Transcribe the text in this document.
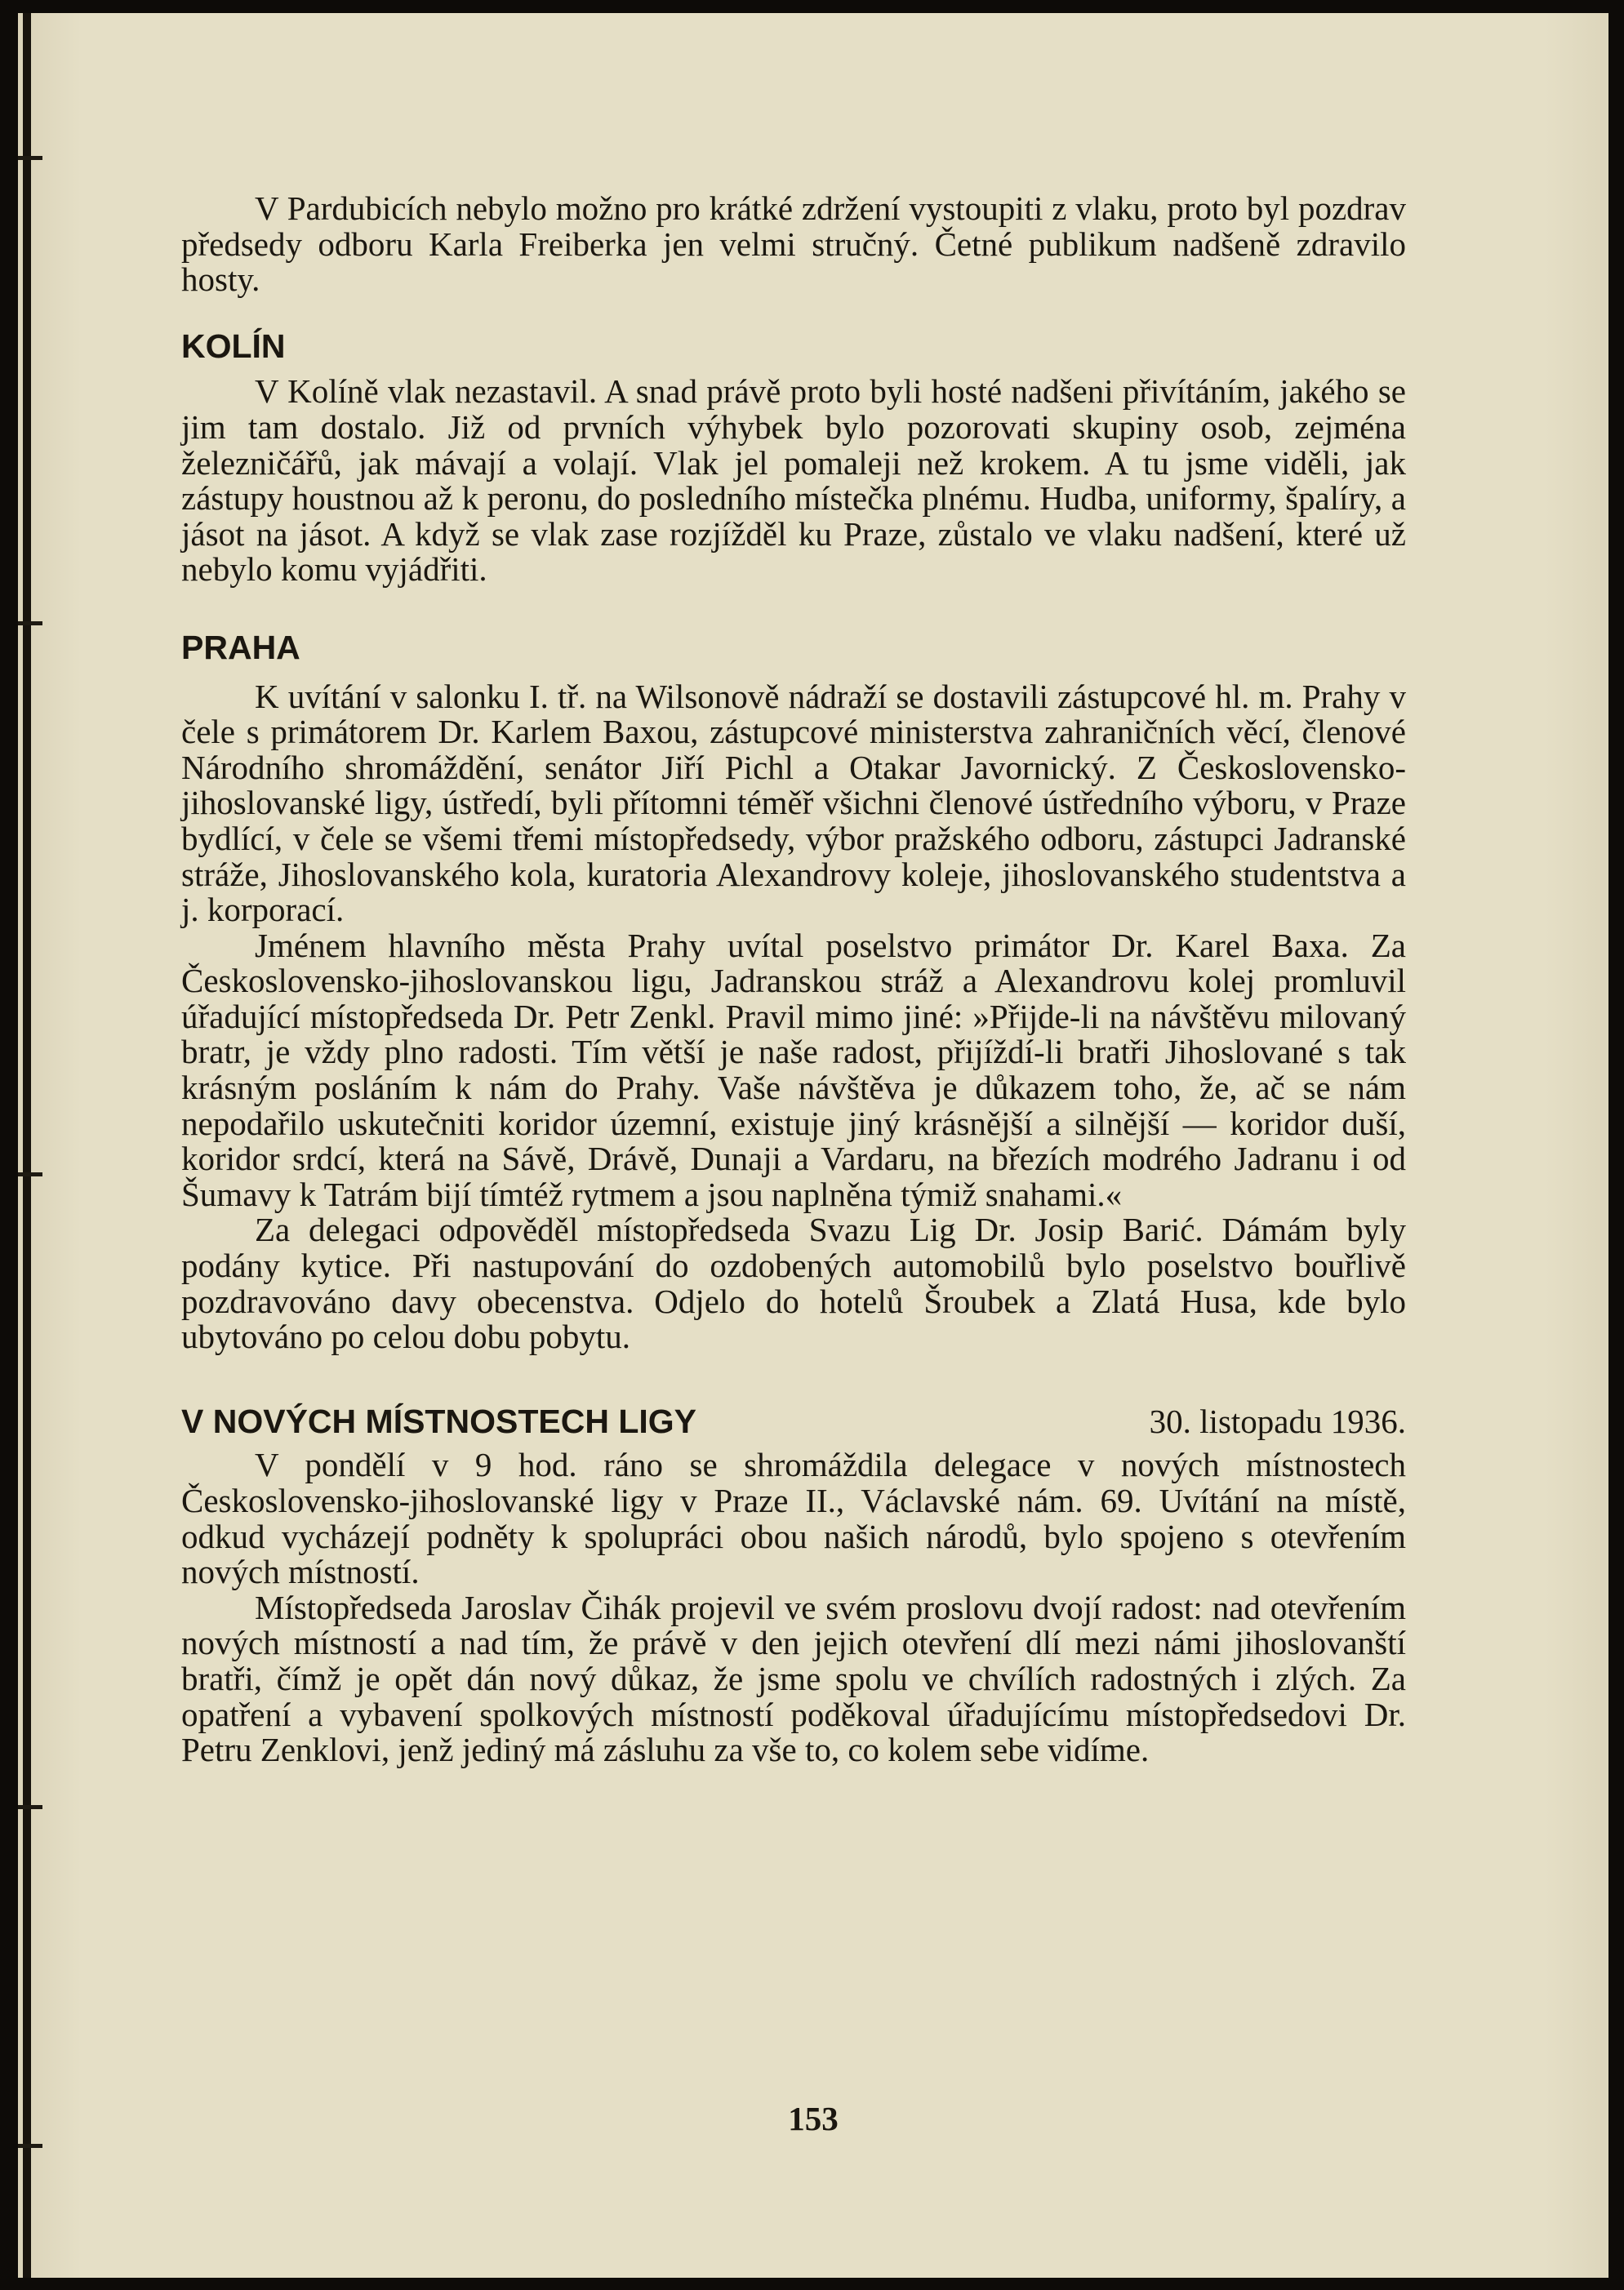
V Pardubicích nebylo možno pro krátké zdržení vystoupiti z vlaku, proto byl pozdrav předsedy odboru Karla Freiberka jen velmi stručný. Četné publikum nadšeně zdravilo hosty.

KOLÍN

V Kolíně vlak nezastavil. A snad právě proto byli hosté nadšeni přivítáním, jakého se jim tam dostalo. Již od prvních výhybek bylo pozorovati skupiny osob, zejména železničářů, jak mávají a volají. Vlak jel pomaleji než krokem. A tu jsme viděli, jak zástupy houstnou až k peronu, do posledního místečka plnému. Hudba, uniformy, špalíry, a jásot na jásot. A když se vlak zase rozjížděl ku Praze, zůstalo ve vlaku nadšení, které už nebylo komu vyjádřiti.

PRAHA

K uvítání v salonku I. tř. na Wilsonově nádraží se dostavili zástupcové hl. m. Prahy v čele s primátorem Dr. Karlem Baxou, zástupcové ministerstva zahraničních věcí, členové Národního shromáždění, senátor Jiří Pichl a Otakar Javornický. Z Československo-jihoslovanské ligy, ústředí, byli přítomni téměř všichni členové ústředního výboru, v Praze bydlící, v čele se všemi třemi místopředsedy, výbor pražského odboru, zástupci Jadranské stráže, Jihoslovanského kola, kuratoria Alexandrovy koleje, jihoslovanského studentstva a j. korporací.

Jménem hlavního města Prahy uvítal poselstvo primátor Dr. Karel Baxa. Za Československo-jihoslovanskou ligu, Jadranskou stráž a Alexandrovu kolej promluvil úřadující místopředseda Dr. Petr Zenkl. Pravil mimo jiné: »Přijde-li na návštěvu milovaný bratr, je vždy plno radosti. Tím větší je naše radost, přijíždí-li bratři Jihoslované s tak krásným posláním k nám do Prahy. Vaše návštěva je důkazem toho, že, ač se nám nepodařilo uskutečniti koridor územní, existuje jiný krásnější a silnější — koridor duší, koridor srdcí, která na Sávě, Drávě, Dunaji a Vardaru, na březích modrého Jadranu i od Šumavy k Tatrám bijí tímtéž rytmem a jsou naplněna týmiž snahami.«

Za delegaci odpověděl místopředseda Svazu Lig Dr. Josip Barić. Dámám byly podány kytice. Při nastupování do ozdobených automobilů bylo poselstvo bouřlivě pozdravováno davy obecenstva. Odjelo do hotelů Šroubek a Zlatá Husa, kde bylo ubytováno po celou dobu pobytu.

V NOVÝCH MÍSTNOSTECH LIGY	30. listopadu 1936.

V pondělí v 9 hod. ráno se shromáždila delegace v nových místnostech Československo-jihoslovanské ligy v Praze II., Václavské nám. 69. Uvítání na místě, odkud vycházejí podněty k spolupráci obou našich národů, bylo spojeno s otevřením nových místností.

Místopředseda Jaroslav Čihák projevil ve svém proslovu dvojí radost: nad otevřením nových místností a nad tím, že právě v den jejich otevření dlí mezi námi jihoslovanští bratři, čímž je opět dán nový důkaz, že jsme spolu ve chvílích radostných i zlých. Za opatření a vybavení spolkových místností poděkoval úřadujícímu místopředsedovi Dr. Petru Zenklovi, jenž jediný má zásluhu za vše to, co kolem sebe vidíme.

153
